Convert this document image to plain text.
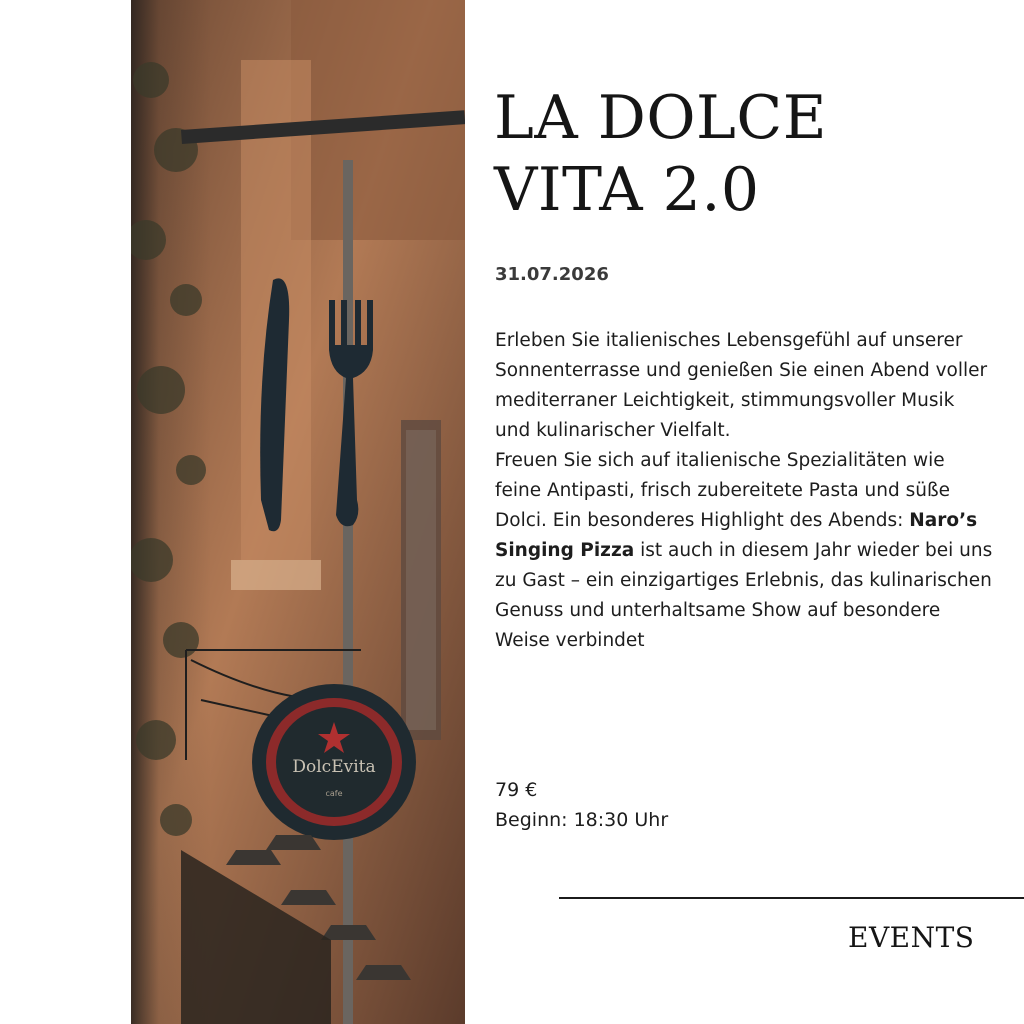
DolcEvita
cafe
LA DOLCE
VITA 2.0
31.07.2026

Erleben Sie italienisches Lebensgefühl auf unserer Sonnenterrasse und genießen Sie einen Abend voller mediterraner Leichtigkeit, stimmungsvoller Musik und kulinarischer Vielfalt.

Freuen Sie sich auf italienische Spezialitäten wie feine Antipasti, frisch zubereitete Pasta und süße Dolci. Ein besonderes Highlight des Abends: Naro’s Singing Pizza ist auch in diesem Jahr wieder bei uns zu Gast – ein einzigartiges Erlebnis, das kulinarischen Genuss und unterhaltsame Show auf besondere Weise verbindet

79 €
Beginn: 18:30 Uhr
EVENTS
